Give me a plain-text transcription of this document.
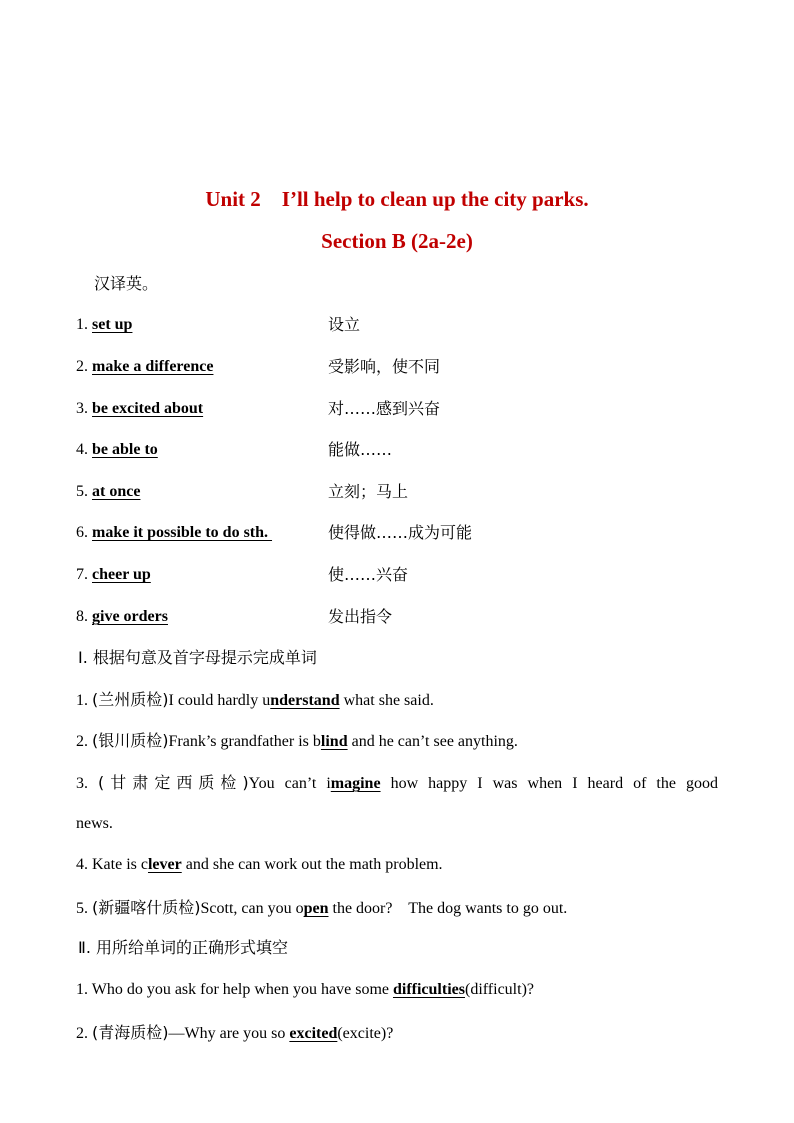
Unit 2    I’ll help to clean up the city parks.
Section B (2a-2e)
汉译英。
1. set up	设立
2. make a difference	受影响，使不同
3. be excited about	对……感到兴奋
4. be able to	能做……
5. at once	立刻；马上
6. make it possible to do sth.	使得做……成为可能
7. cheer up	使……兴奋
8. give orders	发出指令
Ⅰ. 根据句意及首字母提示完成单词
1. (兰州质检)I could hardly understand what she said.
2. (银川质检)Frank’s grandfather is blind and he can’t see anything.
3. (甘肃定西质检)You can’t imagine how happy I was when I heard of the good
news.
4. Kate is clever and she can work out the math problem.
5. (新疆喀什质检)Scott, can you open the door?    The dog wants to go out.
Ⅱ. 用所给单词的正确形式填空
1. Who do you ask for help when you have some difficulties(difficult)?
2. (青海质检)—Why are you so excited(excite)?
